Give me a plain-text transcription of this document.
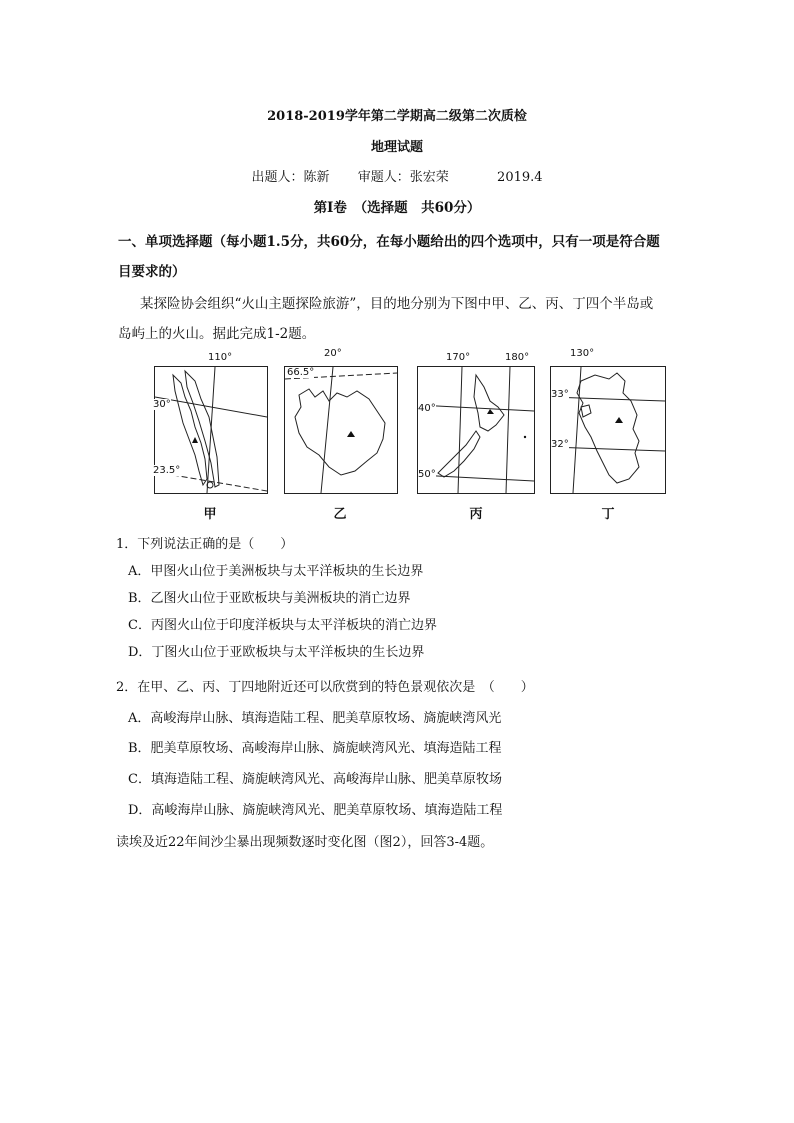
2018-2019学年第二学期高二级第二次质检
地理试题
出题人：陈新 审题人：张宏荣	2019.4
第Ⅰ卷　（选择题　共60分）
一、单项选择题（每小题1.5分，共60分，在每小题给出的四个选项中，只有一项是符合题
目要求的）
某探险协会组织“火山主题探险旅游”，目的地分别为下图中甲、乙、丙、丁四个半岛或
岛屿上的火山。据此完成1-2题。
110°
30°
23.5°
甲
20°
66.5°
乙
170°	180°
40°
50°
丙
130°
33°
32°
丁
1．下列说法正确的是（　　）
A．甲图火山位于美洲板块与太平洋板块的生长边界
B．乙图火山位于亚欧板块与美洲板块的消亡边界
C．丙图火山位于印度洋板块与太平洋板块的消亡边界
D．丁图火山位于亚欧板块与太平洋板块的生长边界
2．在甲、乙、丙、丁四地附近还可以欣赏到的特色景观依次是　（　　）
A．高峻海岸山脉、填海造陆工程、肥美草原牧场、旖旎峡湾风光
B．肥美草原牧场、高峻海岸山脉、旖旎峡湾风光、填海造陆工程
C．填海造陆工程、旖旎峡湾风光、高峻海岸山脉、肥美草原牧场
D．高峻海岸山脉、旖旎峡湾风光、肥美草原牧场、填海造陆工程
读埃及近22年间沙尘暴出现频数逐时变化图（图2），回答3-4题。
